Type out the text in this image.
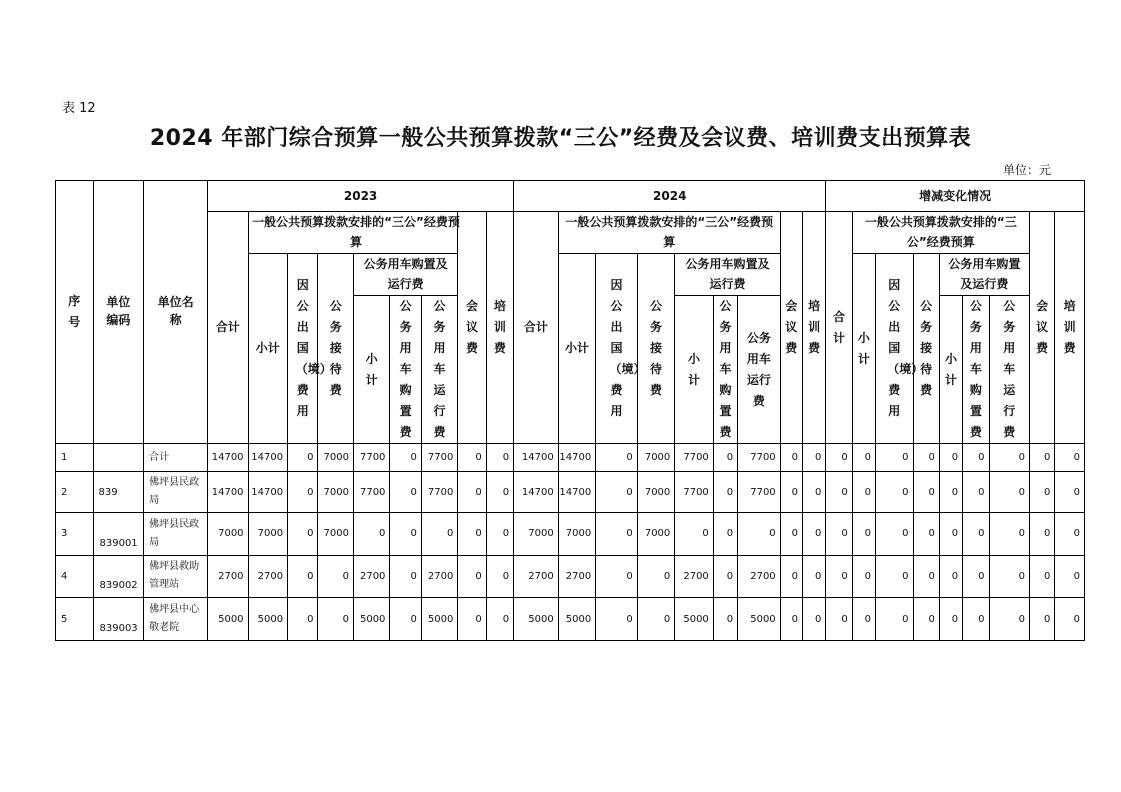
表 12
2024 年部门综合预算一般公共预算拨款“三公”经费及会议费、培训费支出预算表
单位：元
序号	单位编码	单位名称	2023									2024									增减变化情况								
			合计	一般公共预算拨款安排的“三公”经费预算						会议费	培训费	合计	一般公共预算拨款安排的“三公”经费预算						会议费	培训费	合计	一般公共预算拨款安排的“三公”经费预算						会议费	培训费
				小计	因公出国（境）费用	公务接待费	公务用车购置及运行费						小计	因公出国（境）费用	公务接待费	公务用车购置及运行费						小计	因公出国（境）费用	公务接待费	公务用车购置及运行费				
							小计	公务用车购置费	公务用车运行费							小计	公务用车购置费	公务用车运行费							小计	公务用车购置费	公务用车运行费		

1		合计	14700	14700	0	7000	7700	0	7700	0	0	14700	14700	0	7000	7700	0	7700	0	0	0	0	0	0	0	0	0	0	0
2	839	佛坪县民政局	14700	14700	0	7000	7700	0	7700	0	0	14700	14700	0	7000	7700	0	7700	0	0	0	0	0	0	0	0	0	0	0
3	839001	佛坪县民政局	7000	7000	0	7000	0	0	0	0	0	7000	7000	0	7000	0	0	0	0	0	0	0	0	0	0	0	0	0	0
4	839002	佛坪县救助管理站	2700	2700	0	0	2700	0	2700	0	0	2700	2700	0	0	2700	0	2700	0	0	0	0	0	0	0	0	0	0	0
5	839003	佛坪县中心敬老院	5000	5000	0	0	5000	0	5000	0	0	5000	5000	0	0	5000	0	5000	0	0	0	0	0	0	0	0	0	0	0
